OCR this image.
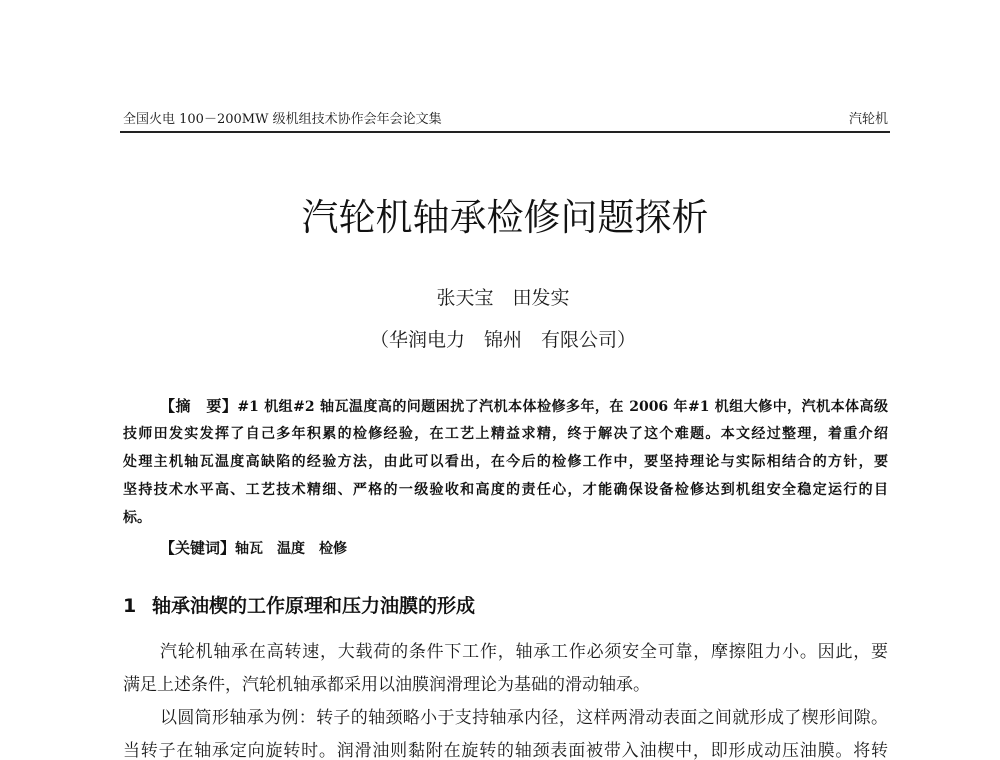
全国火电 100－200MW 级机组技术协作会年会论文集	汽轮机
汽轮机轴承检修问题探析
张天宝　田发实
（华润电力　锦州　有限公司）
【摘　要】#1 机组#2 轴瓦温度高的问题困扰了汽机本体检修多年，在 2006 年#1 机组大修中，汽机本体高级
技师田发实发挥了自己多年积累的检修经验，在工艺上精益求精，终于解决了这个难题。本文经过整理，着重介绍
处理主机轴瓦温度高缺陷的经验方法，由此可以看出，在今后的检修工作中，要坚持理论与实际相结合的方针，要
坚持技术水平高、工艺技术精细、严格的一级验收和高度的责任心，才能确保设备检修达到机组安全稳定运行的目
标。
【关键词】轴瓦　温度　检修
1 轴承油楔的工作原理和压力油膜的形成
汽轮机轴承在高转速，大载荷的条件下工作，轴承工作必须安全可靠，摩擦阻力小。因此，要
满足上述条件，汽轮机轴承都采用以油膜润滑理论为基础的滑动轴承。
以圆筒形轴承为例：转子的轴颈略小于支持轴承内径，这样两滑动表面之间就形成了楔形间隙。
当转子在轴承定向旋转时。润滑油则黏附在旋转的轴颈表面被带入油楔中，即形成动压油膜。将转
